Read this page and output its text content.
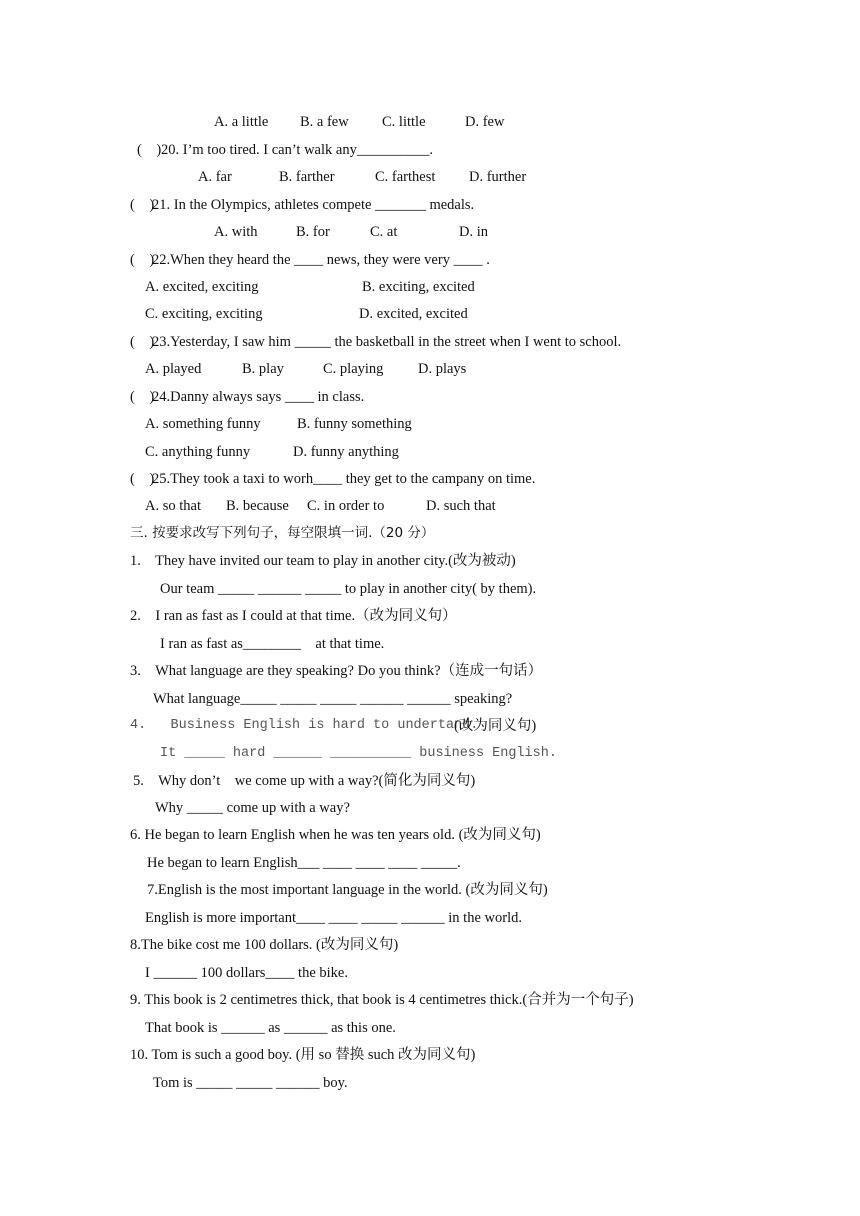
A. a little B. a few C. little	D. few
(    ) 20. I’m too tired. I can’t walk any__________.
A. far	B. farther	C. farthest D. further
(    )
21. In the Olympics, athletes compete _______ medals.
A. with	B. for	C. at	D. in
(    )
22.When they heard the ____ news, they were very ____ .
A. excited, exciting	B. exciting, excited
C. exciting, exciting	D. excited, excited
(    )
23.Yesterday, I saw him _____ the basketball in the street when I went to school.
A. played	B. play	C. playing D. plays
(    )
24.Danny always says ____ in class.
A. something funny	B. funny something
C. anything funny	D. funny anything
(    )
25.They took a taxi to worh____ they get to the campany on time.
A. so that B. because C. in order to	D. such that
三. 按要求改写下列句子，每空限填一词.（20 分）
1.    They have invited our team to play in another city.(改为被动)
Our team _____ ______ _____ to play in another city( by them).
2.    I ran as fast as I could at that time.（改为同义句）
I ran as fast as________    at that time.
3.    What language are they speaking? Do you think?（连成一句话）
What language_____ _____ _____ ______ ______ speaking?
4.   Business English is hard to undertand.
(改为同义句)
It _____ hard ______ __________ business English.
5.    Why don’t    we come up with a way?(简化为同义句)
Why _____ come up with a way?
6. He began to learn English when he was ten years old. (改为同义句)
He began to learn English___ ____ ____ ____ _____.
7.English is the most important language in the world. (改为同义句)
English is more important____ ____ _____ ______ in the world.
8.The bike cost me 100 dollars. (改为同义句)
I ______ 100 dollars____ the bike.
9. This book is 2 centimetres thick, that book is 4 centimetres thick.(合并为一个句子)
That book is ______ as ______ as this one.
10. Tom is such a good boy. (用 so 替换 such 改为同义句)
Tom is _____ _____ ______ boy.
